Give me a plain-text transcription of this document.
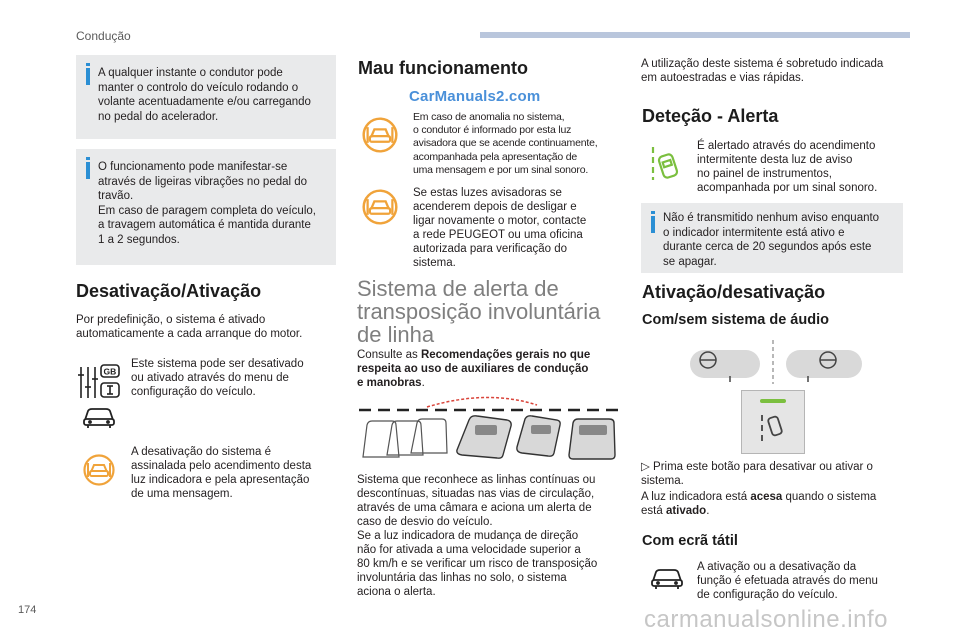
Condução

A qualquer instante o condutor pode
manter o controlo do veículo rodando o
volante acentuadamente e/ou carregando
no pedal do acelerador.

O funcionamento pode manifestar-se
através de ligeiras vibrações no pedal do
travão.
Em caso de paragem completa do veículo,
a travagem automática é mantida durante
1 a 2 segundos.

Desativação/Ativação

Por predefinição, o sistema é ativado
automaticamente a cada arranque do motor.

GB

Este sistema pode ser desativado
ou ativado através do menu de
configuração do veículo.

A desativação do sistema é
assinalada pelo acendimento desta
luz indicadora e pela apresentação
de uma mensagem.

Mau funcionamento
CarManuals2.com

Em caso de anomalia no sistema,
o condutor é informado por esta luz
avisadora que se acende continuamente,
acompanhada pela apresentação de
uma mensagem e por um sinal sonoro.

Se estas luzes avisadoras se
acenderem depois de desligar e
ligar novamente o motor, contacte
a rede PEUGEOT ou uma oficina
autorizada para verificação do
sistema.

Sistema de alerta de
transposição involuntária
de linha

Consulte as Recomendações gerais no que
respeita ao uso de auxiliares de condução
e manobras.

Sistema que reconhece as linhas contínuas ou
descontínuas, situadas nas vias de circulação,
através de uma câmara e aciona um alerta de
caso de desvio do veículo.
Se a luz indicadora de mudança de direção
não for ativada a uma velocidade superior a
80 km/h e se verificar um risco de transposição
involuntária das linhas no solo, o sistema
aciona o alerta.

A utilização deste sistema é sobretudo indicada
em autoestradas e vias rápidas.

Deteção - Alerta

É alertado através do acendimento
intermitente desta luz de aviso
no painel de instrumentos,
acompanhada por um sinal sonoro.

Não é transmitido nenhum aviso enquanto
o indicador intermitente está ativo e
durante cerca de 20 segundos após este
se apagar.

Ativação/desativação
Com/sem sistema de áudio

▷ Prima este botão para desativar ou ativar o
sistema.

A luz indicadora está acesa quando o sistema
está ativado.

Com ecrã tátil

A ativação ou a desativação da
função é efetuada através do menu
de configuração do veículo.

174	carmanualsonline.info
